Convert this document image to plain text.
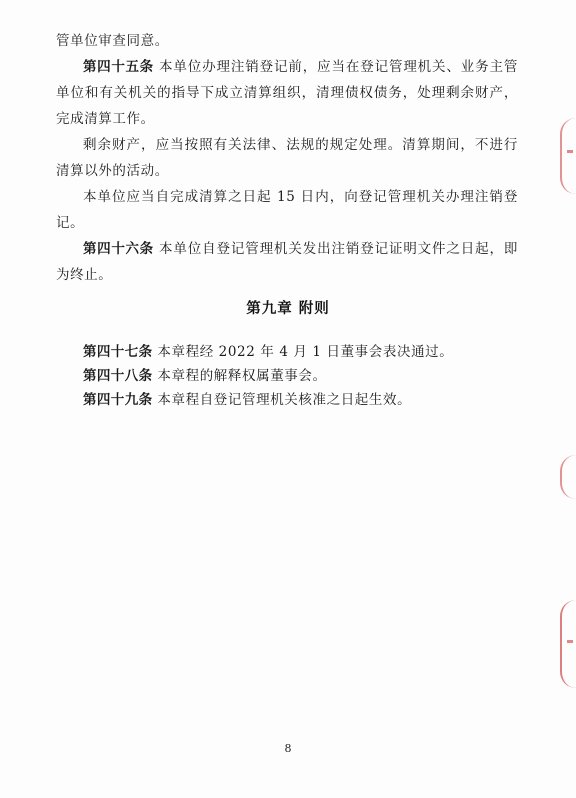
管单位审查同意。

第四十五条 本单位办理注销登记前，应当在登记管理机关、业务主管单位和有关机关的指导下成立清算组织，清理债权债务，处理剩余财产，完成清算工作。

剩余财产，应当按照有关法律、法规的规定处理。清算期间，不进行清算以外的活动。

本单位应当自完成清算之日起 15 日内，向登记管理机关办理注销登记。

第四十六条 本单位自登记管理机关发出注销登记证明文件之日起，即为终止。

第九章 附则

第四十七条 本章程经 2022 年 4 月 1 日董事会表决通过。

第四十八条 本章程的解释权属董事会。

第四十九条 本章程自登记管理机关核准之日起生效。

8
